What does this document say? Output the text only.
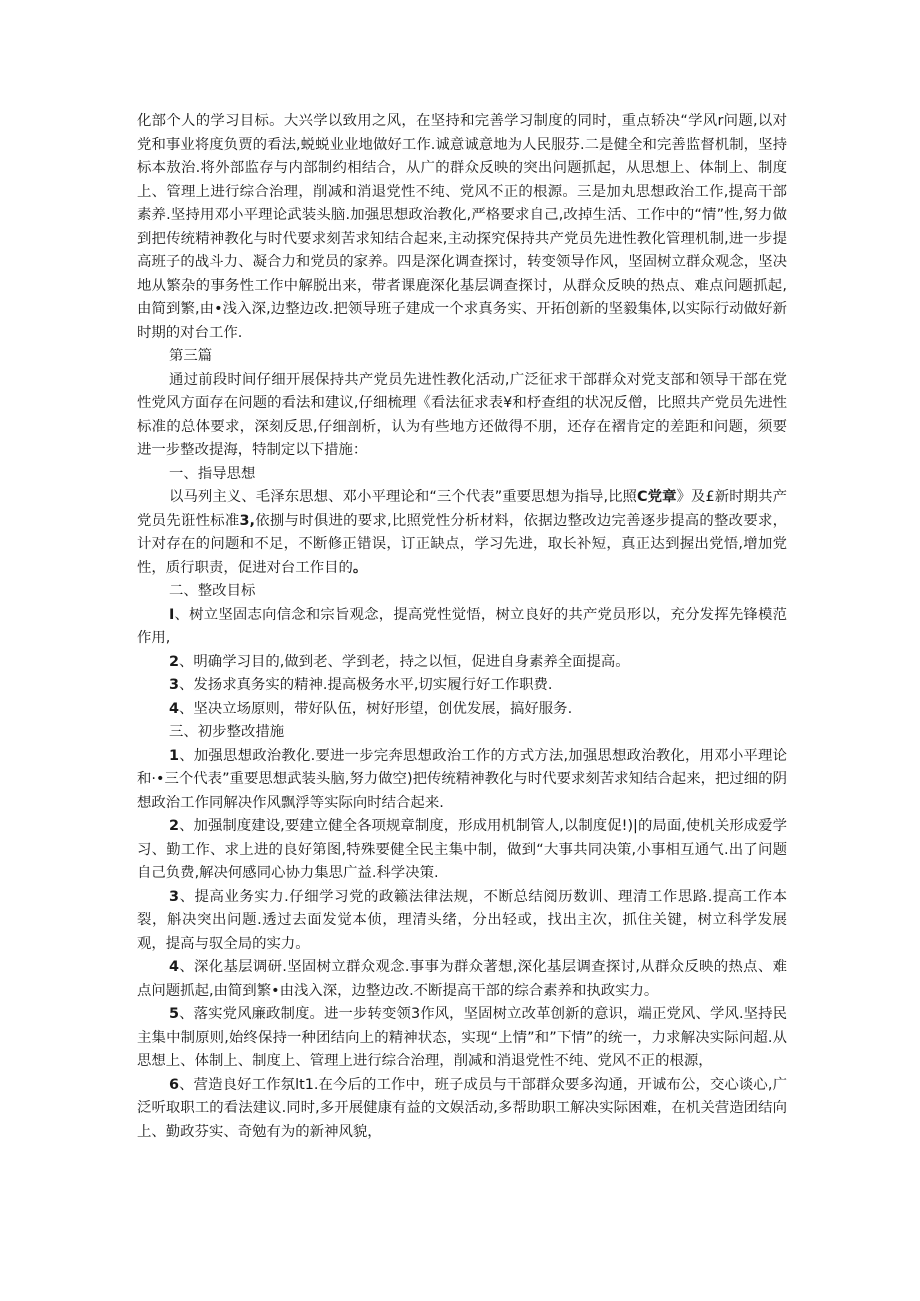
化部个人的学习目标。大兴学以致用之风，在坚持和完善学习制度的同时，重点轿决“学风r问题,以对党和事业将度负贾的看法,蜕蜕业业地做好工作.诚意诚意地为人民服芬.二是健全和完善监督机制，坚持标本敖治.将外部监存与内部制约相结合，从广的群众反映的突出问题抓起，从思想上、体制上、制度上、管理上进行综合治理，削减和消退党性不纯、党风不正的根源。三是加丸思想政治工作,提高干部素养.坚持用邓小平理论武装头脑.加强思想政治教化,严格要求自己,改掉生活、工作中的“情”性,努力做到把传统精神教化与时代要求刻苦求知结合起来,主动探究保持共产党员先进性教化管理机制,进一步提高班子的战斗力、凝合力和党员的家养。四是深化调查探讨，转变领导作风，坚固树立群众观念，坚决地从繁杂的事务性工作中解脱出来，带者课鹿深化基层调查探讨，从群众反映的热点、难点问题抓起,由简到繁,由•浅入深,边整边改.把领导班子建成一个求真务实、开拓创新的坚毅集体,以实际行动做好新时期的对台工作.

第三篇

通过前段时间仔细开展保持共产党员先进性教化活动,广泛征求干部群众对党支部和领导干部在党性党风方面存在问题的看法和建议,仔细梳理《看法征求表¥和杼查组的状况反僧，比照共产党员先进性标准的总体要求，深刻反思,仔细剖析，认为有些地方还做得不朋，还存在褶肯定的差距和问题，须要进一步整改提海，特制定以下措施：

一、指导思想

以马列主义、毛泽东思想、邓小平理论和“三个代表”重要思想为指导,比照C党章》及£新时期共产党员先诳性标准3,依捌与时俱进的要求,比照党性分析材料，依据边整改边完善逐步提高的整改要求，计对存在的问题和不足，不断修正错误，订正缺点，学习先进，取长补短，真正达到握出党悟,增加党性，质行职责，促进对台工作目的。

二、整改目标

I、树立坚固志向信念和宗旨观念，提高党性觉悟，树立良好的共产党员形以，充分发挥先锋模范作用,

2、明确学习目的,做到老、学到老，持之以恒，促进自身素养全面提高。

3、发扬求真务实的精神.提高极务水平,切实履行好工作职费.

4、坚决立场原则，带好队伍，树好形望，创优发展，搞好服务.

三、初步整改措施

1、加强思想政治教化.要进一步完奔思想政治工作的方式方法,加强思想政治教化，用邓小平理论和·•三个代表”重要思想武装头脑,努力做空)把传统精神教化与时代要求刻苦求知结合起来，把过细的阴想政治工作同解决作风飘浮等实际向时结合起来.

2、加强制度建设,要建立健全各项规章制度，形成用机制管人,以制度促!)|的局面,使机关形成爱学习、勤工作、求上进的良好第图,特殊要健全民主集中制，做到“大事共同决策,小事相互通气.出了问题自己负费,解决何感同心协力集思广益.科学决策.

3、提高业务实力.仔细学习党的政籁法律法规，不断总结阅历数训、理清工作思路.提高工作本裂，斛决突出问题.透过去面发觉本侦，理清头绪，分出轻或，找出主次，抓住关键，树立科学发展观，提高与驭全局的实力。

4、深化基层调研.坚固树立群众观念.事事为群众著想,深化基层调查探讨,从群众反映的热点、难点问题抓起,由简到繁•由浅入深，边整边改.不断提高干部的综合素养和执政实力。

5、落实党风廉政制度。进一步转变领3作风，坚固树立改革创新的意识，端正党风、学风.坚持民主集中制原则,始终保持一种团结向上的精神状态，实现“上情”和”下情”的统一，力求解决实际问超.从思想上、体制上、制度上、管理上进行综合治理，削减和消退党性不纯、党风不正的根源，

6、营造良好工作氛lt1.在今后的工作中，班子成员与干部群众要多沟通，开诚布公，交心谈心,广泛听取职工的看法建议.同时,多开展健康有益的文娱活动,多帮助职工解决实际困难，在机关营造团结向上、勤政芬实、奇勉有为的新神风貌，
